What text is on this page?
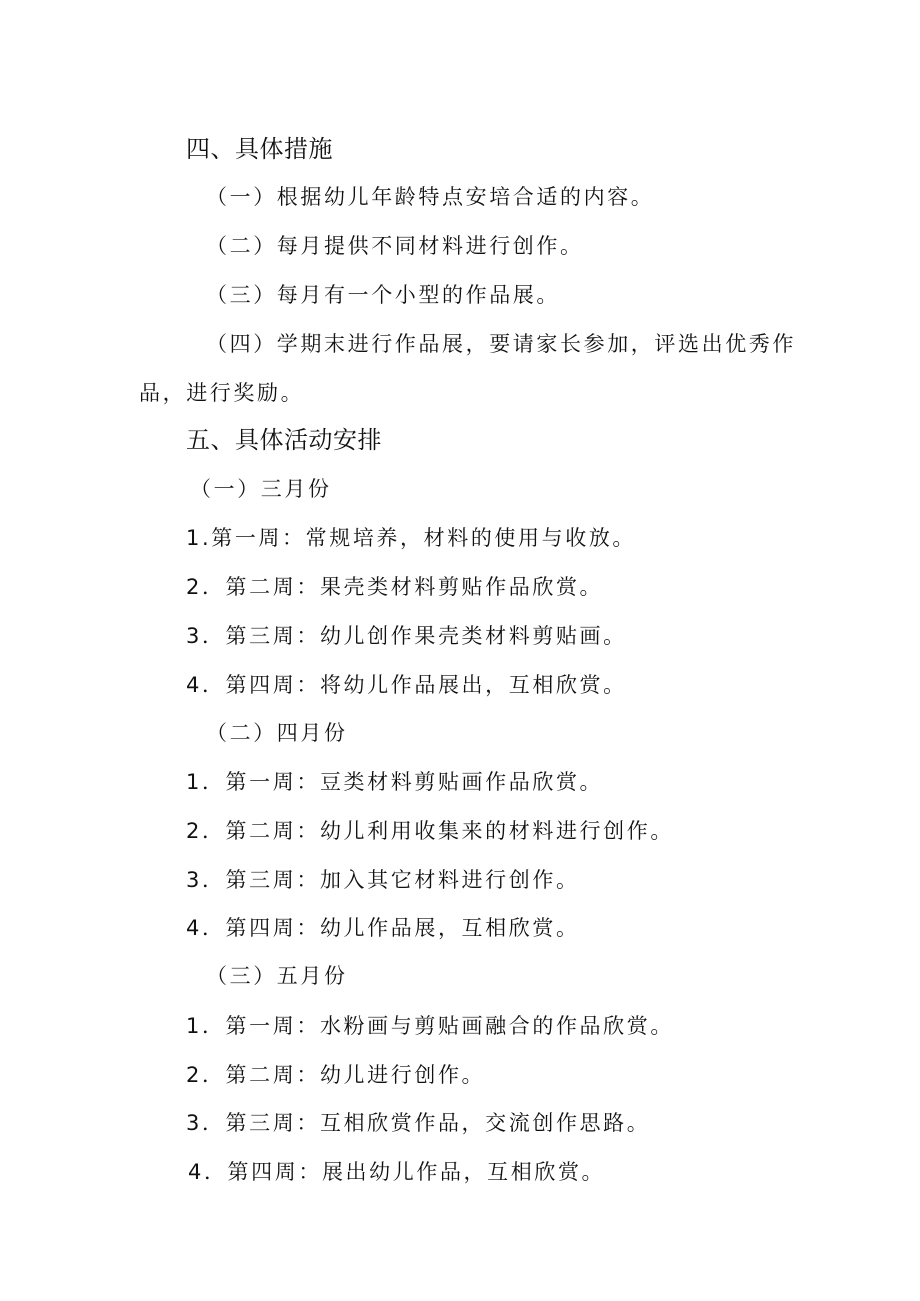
四、具体措施
（一）根据幼儿年龄特点安培合适的内容。
（二）每月提供不同材料进行创作。
（三）每月有一个小型的作品展。
（四）学期末进行作品展，要请家长参加，评选出优秀作
品，进行奖励。
五、具体活动安排
（一）三月份
1.第一周：常规培养，材料的使用与收放。
2．第二周：果壳类材料剪贴作品欣赏。
3．第三周：幼儿创作果壳类材料剪贴画。
4．第四周：将幼儿作品展出，互相欣赏。
（二）四月份
1．第一周：豆类材料剪贴画作品欣赏。
2．第二周：幼儿利用收集来的材料进行创作。
3．第三周：加入其它材料进行创作。
4．第四周：幼儿作品展，互相欣赏。
（三）五月份
1．第一周：水粉画与剪贴画融合的作品欣赏。
2．第二周：幼儿进行创作。
3．第三周：互相欣赏作品，交流创作思路。
4．第四周：展出幼儿作品，互相欣赏。
